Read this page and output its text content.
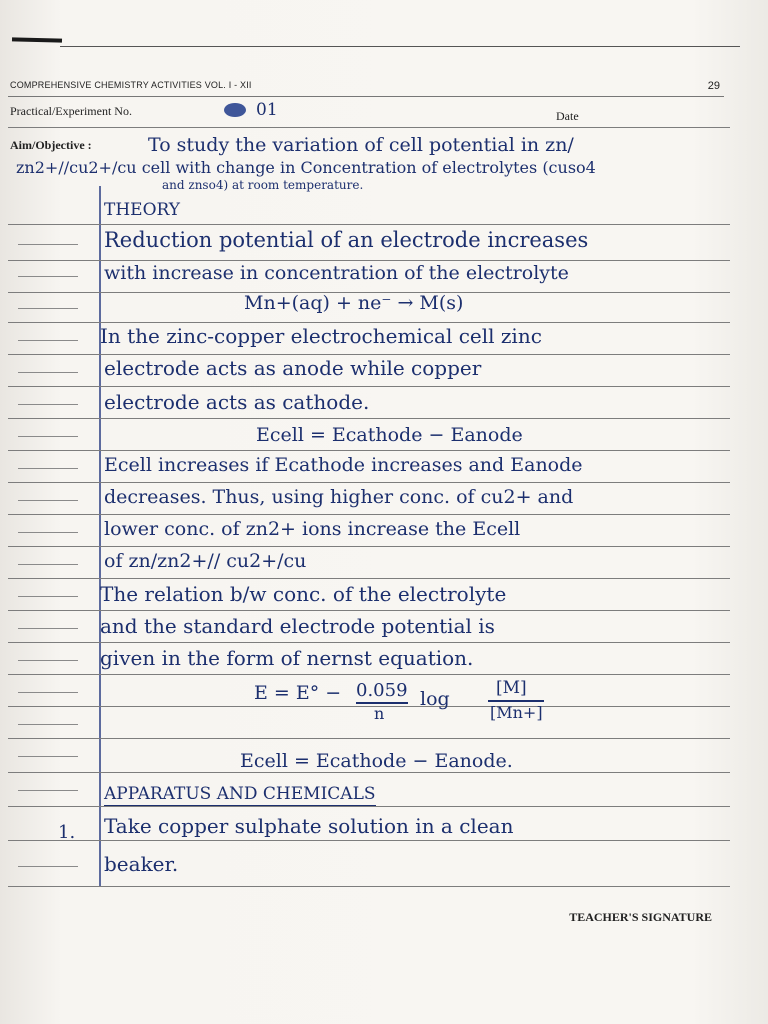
COMPREHENSIVE CHEMISTRY ACTIVITIES VOL. I - XII	29
Practical/Experiment No.	01	Date
Aim/Objective :	To study the variation of cell potential in zn/
zn2+//cu2+/cu cell with change in Concentration of electrolytes (cuso4
and znso4) at room temperature.
THEORY
Reduction potential of an electrode increases
with increase in concentration of the electrolyte
Mn+(aq) + ne⁻ → M(s)
In the zinc-copper electrochemical cell zinc
electrode acts as anode while copper
electrode acts as cathode.
Ecell = Ecathode − Eanode
Ecell increases if Ecathode increases and Eanode
decreases. Thus, using higher conc. of cu2+ and
lower conc. of zn2+ ions increase the Ecell
of zn/zn2+// cu2+/cu
The relation b/w conc. of the electrolyte
and the standard electrode potential is
given in the form of nernst equation.
E = E° − 0.059
n
log	[M]
[Mn+]
Ecell = Ecathode − Eanode.
APPARATUS AND CHEMICALS
1. Take copper sulphate solution in a clean
beaker.
TEACHER'S SIGNATURE
